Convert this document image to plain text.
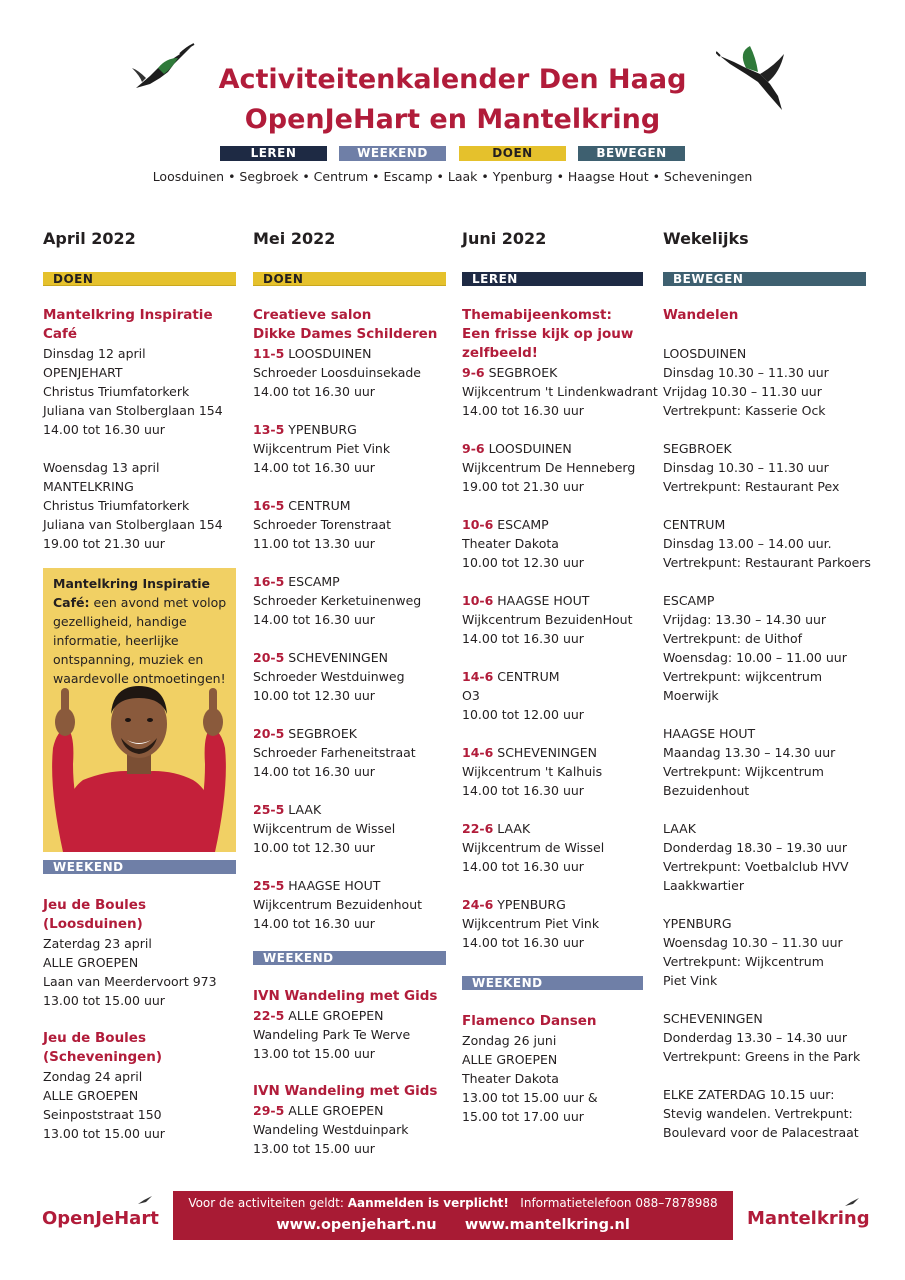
Activiteitenkalender Den Haag
OpenJeHart en Mantelkring
LEREN	WEEKEND	DOEN	BEWEGEN
Loosduinen • Segbroek • Centrum • Escamp • Laak • Ypenburg • Haagse Hout • Scheveningen
April 2022
DOEN
Mantelkring Inspiratie
Café
Dinsdag 12 april
OPENJEHART
Christus Triumfatorkerk
Juliana van Stolberglaan 154
14.00 tot 16.30 uur
Woensdag 13 april
MANTELKRING
Christus Triumfatorkerk
Juliana van Stolberglaan 154
19.00 tot 21.30 uur
Mantelkring Inspiratie Café: een avond met volop gezelligheid, handige informatie, heerlijke ontspanning, muziek en waardevolle ontmoetingen!
WEEKEND
Jeu de Boules
(Loosduinen)
Zaterdag 23 april
ALLE GROEPEN
Laan van Meerdervoort 973
13.00 tot 15.00 uur
Jeu de Boules
(Scheveningen)
Zondag 24 april
ALLE GROEPEN
Seinpoststraat 150
13.00 tot 15.00 uur
Mei 2022
DOEN
Creatieve salon
Dikke Dames Schilderen
11-5 LOOSDUINEN
Schroeder Loosduinsekade
14.00 tot 16.30 uur
13-5 YPENBURG
Wijkcentrum Piet Vink
14.00 tot 16.30 uur
16-5 CENTRUM
Schroeder Torenstraat
11.00 tot 13.30 uur
16-5 ESCAMP
Schroeder Kerketuinenweg
14.00 tot 16.30 uur
20-5 SCHEVENINGEN
Schroeder Westduinweg
10.00 tot 12.30 uur
20-5 SEGBROEK
Schroeder Farheneitstraat
14.00 tot 16.30 uur
25-5 LAAK
Wijkcentrum de Wissel
10.00 tot 12.30 uur
25-5 HAAGSE HOUT
Wijkcentrum Bezuidenhout
14.00 tot 16.30 uur
WEEKEND
IVN Wandeling met Gids
22-5 ALLE GROEPEN
Wandeling Park Te Werve
13.00 tot 15.00 uur
IVN Wandeling met Gids
29-5 ALLE GROEPEN
Wandeling Westduinpark
13.00 tot 15.00 uur
Juni 2022
LEREN
Themabijeenkomst:
Een frisse kijk op jouw
zelfbeeld!
9-6 SEGBROEK
Wijkcentrum 't Lindenkwadrant
14.00 tot 16.30 uur
9-6 LOOSDUINEN
Wijkcentrum De Henneberg
19.00 tot 21.30 uur
10-6 ESCAMP
Theater Dakota
10.00 tot 12.30 uur
10-6 HAAGSE HOUT
Wijkcentrum BezuidenHout
14.00 tot 16.30 uur
14-6 CENTRUM
O3
10.00 tot 12.00 uur
14-6 SCHEVENINGEN
Wijkcentrum 't Kalhuis
14.00 tot 16.30 uur
22-6 LAAK
Wijkcentrum de Wissel
14.00 tot 16.30 uur
24-6 YPENBURG
Wijkcentrum Piet Vink
14.00 tot 16.30 uur
WEEKEND
Flamenco Dansen
Zondag 26 juni
ALLE GROEPEN
Theater Dakota
13.00 tot 15.00 uur &
15.00 tot 17.00 uur
Wekelijks
BEWEGEN
Wandelen
LOOSDUINEN
Dinsdag 10.30 – 11.30 uur
Vrijdag 10.30 – 11.30 uur
Vertrekpunt: Kasserie Ock
SEGBROEK
Dinsdag 10.30 – 11.30 uur
Vertrekpunt: Restaurant Pex
CENTRUM
Dinsdag 13.00 – 14.00 uur.
Vertrekpunt: Restaurant Parkoers
ESCAMP
Vrijdag: 13.30 – 14.30 uur
Vertrekpunt: de Uithof
Woensdag: 10.00 – 11.00 uur
Vertrekpunt: wijkcentrum
Moerwijk
HAAGSE HOUT
Maandag 13.30 – 14.30 uur
Vertrekpunt: Wijkcentrum
Bezuidenhout
LAAK
Donderdag 18.30 – 19.30 uur
Vertrekpunt: Voetbalclub HVV
Laakkwartier
YPENBURG
Woensdag 10.30 – 11.30 uur
Vertrekpunt: Wijkcentrum
Piet Vink
SCHEVENINGEN
Donderdag 13.30 – 14.30 uur
Vertrekpunt: Greens in the Park
ELKE ZATERDAG 10.15 uur:
Stevig wandelen. Vertrekpunt:
Boulevard voor de Palacestraat
OpenJeHart
Voor de activiteiten geldt: Aanmelden is verplicht!   Informatietelefoon 088–7878988
www.openjehart.nu www.mantelkring.nl	Mantelkring
